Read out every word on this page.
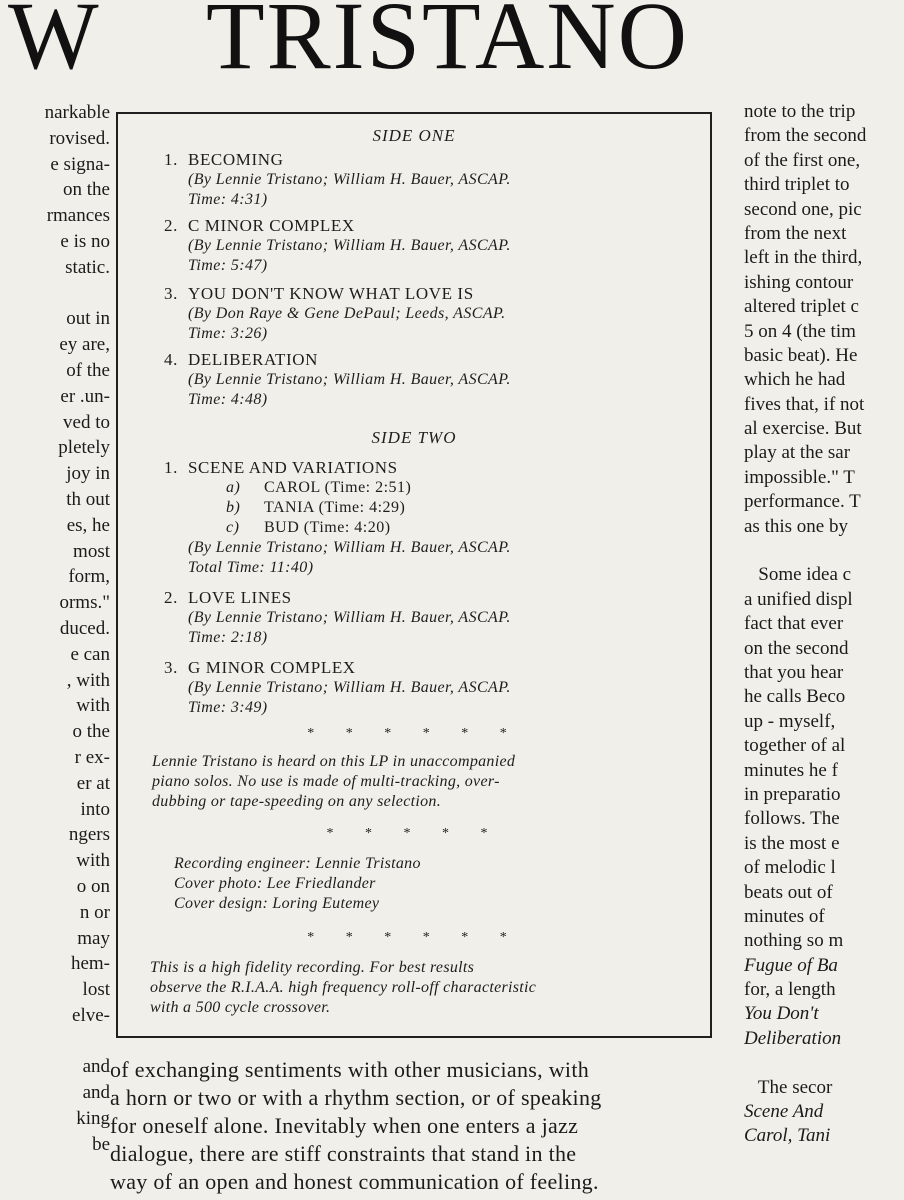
W TRISTANO
narkable
rovised.
e signa-
on the
rmances
e is no
static.

out in
ey are,
of the
er .un-
ved to
pletely
joy in
th out
es, he
most
form,
orms."
duced.
e can
, with
with
o the
r ex-
er at
into
ngers
with
o on
n or
may
hem-
lost
elve-

and
and
king
be
note to the trip
from the second
of the first one,
third triplet to
second one, pic
from the next
left in the third,
ishing contour
altered triplet c
5 on 4 (the tim
basic beat). He
which he had
fives that, if not
al exercise. But
play at the sar
impossible." T
performance. T
as this one by

Some idea c
a unified displ
fact that ever
on the second
that you hear
he calls Beco
up - myself,
together of al
minutes he f
in preparatio
follows. The
is the most e
of melodic l
beats out of
minutes of
nothing so m
Fugue of Ba
for, a length
You Don't
Deliberation

The secor
Scene And
Carol, Tani
SIDE ONE
1. BECOMING
(By Lennie Tristano; William H. Bauer, ASCAP.
Time: 4:31)
2. C MINOR COMPLEX
(By Lennie Tristano; William H. Bauer, ASCAP.
Time: 5:47)
3. YOU DON'T KNOW WHAT LOVE IS
(By Don Raye & Gene DePaul; Leeds, ASCAP.
Time: 3:26)
4. DELIBERATION
(By Lennie Tristano; William H. Bauer, ASCAP.
Time: 4:48)
SIDE TWO
1. SCENE AND VARIATIONS
a) CAROL (Time: 2:51)
b) TANIA (Time: 4:29)
c) BUD (Time: 4:20)
(By Lennie Tristano; William H. Bauer, ASCAP.
Total Time: 11:40)
2. LOVE LINES
(By Lennie Tristano; William H. Bauer, ASCAP.
Time: 2:18)
3. G MINOR COMPLEX
(By Lennie Tristano; William H. Bauer, ASCAP.
Time: 3:49)
* * * * * *
Lennie Tristano is heard on this LP in unaccompanied
piano solos. No use is made of multi-tracking, over-
dubbing or tape-speeding on any selection.
* * * * *
Recording engineer: Lennie Tristano
Cover photo: Lee Friedlander
Cover design: Loring Eutemey
* * * * * *
This is a high fidelity recording. For best results
observe the R.I.A.A. high frequency roll-off characteristic
with a 500 cycle crossover.
of exchanging sentiments with other musicians, with
a horn or two or with a rhythm section, or of speaking
for oneself alone. Inevitably when one enters a jazz
dialogue, there are stiff constraints that stand in the
way of an open and honest communication of feeling.
